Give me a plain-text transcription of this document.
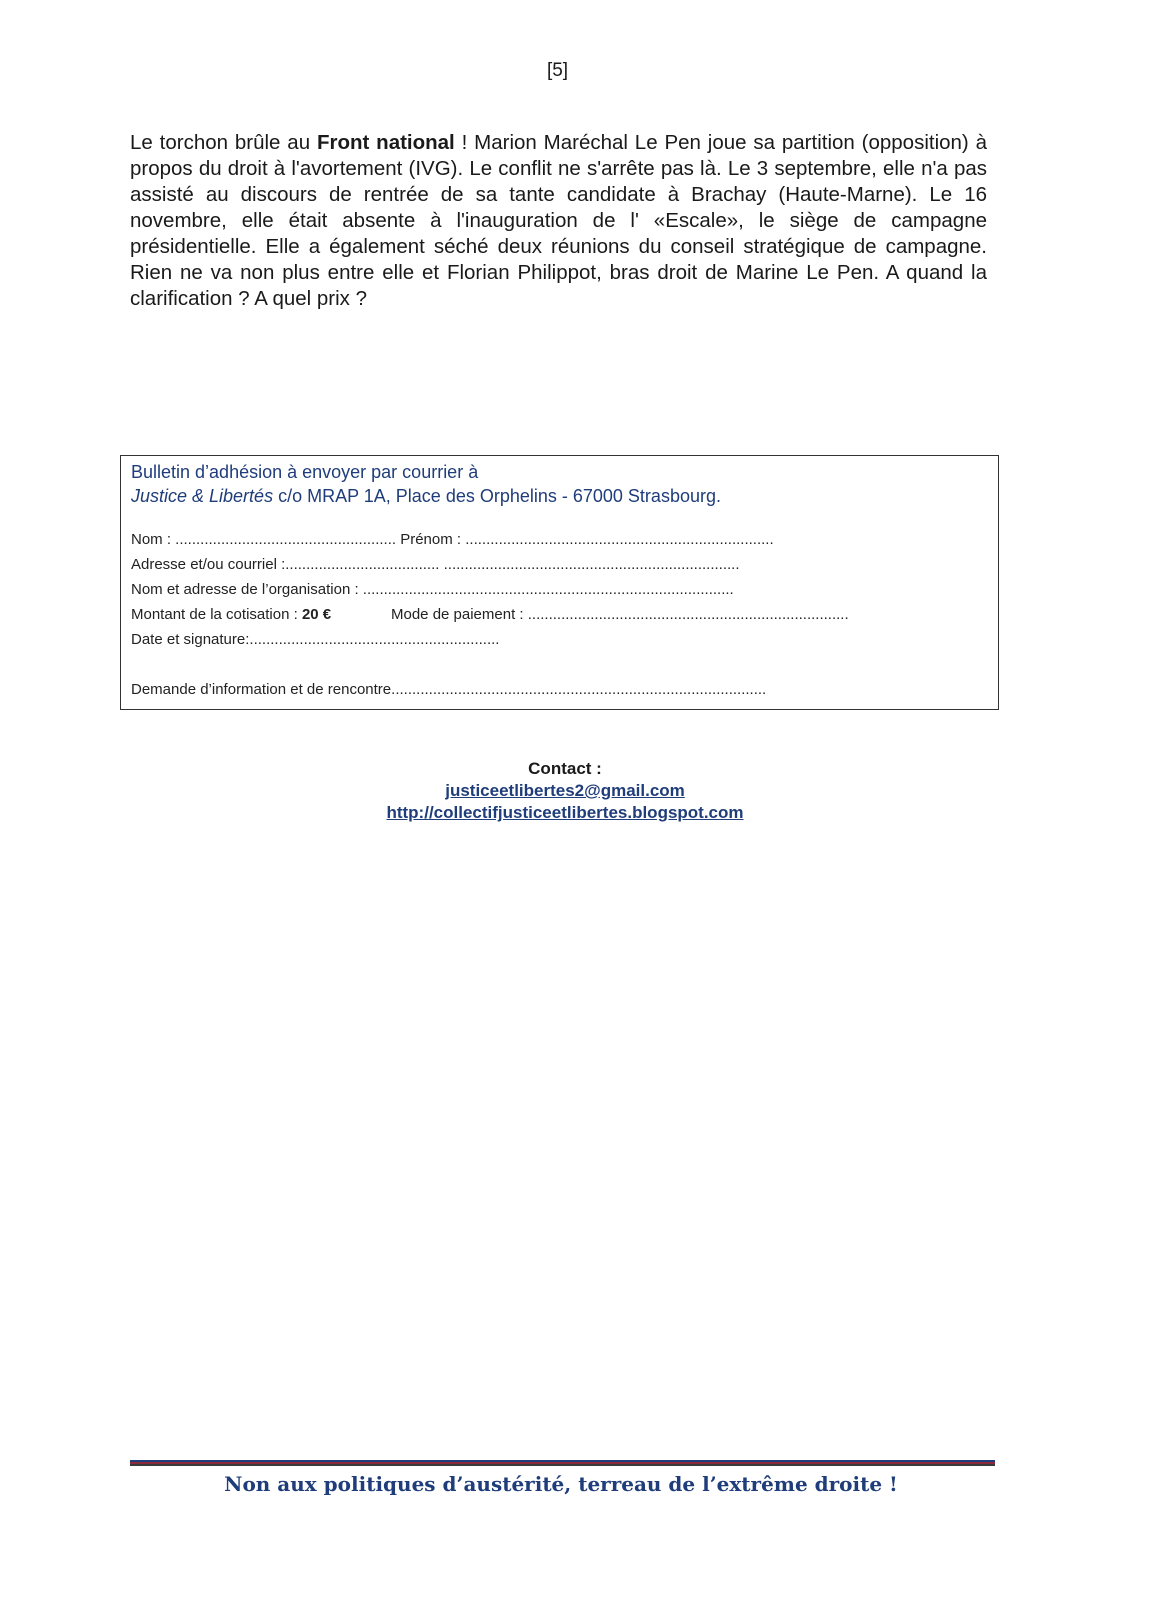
[5]

Le torchon brûle au Front national ! Marion Maréchal Le Pen joue sa partition (opposition) à propos du droit à l'avortement (IVG). Le conflit ne s'arrête pas là. Le 3 septembre, elle n'a pas assisté au discours de rentrée de sa tante candidate à Brachay (Haute-Marne). Le 16 novembre, elle était absente à l'inauguration de l' «Escale», le siège de campagne présidentielle. Elle a également séché deux réunions du conseil stratégique de campagne. Rien ne va non plus entre elle et Florian Philippot, bras droit de Marine Le Pen. A quand la clarification ? A quel prix ?

Bulletin d’adhésion à envoyer par courrier à
Justice & Libertés c/o MRAP 1A, Place des Orphelins - 67000 Strasbourg.
Nom : ..................................................... Prénom : ..........................................................................
Adresse et/ou courriel :..................................... .......................................................................
Nom et adresse de l’organisation : .........................................................................................
Montant de la cotisation : 20 €	Mode de paiement : .............................................................................
Date et signature:............................................................
Demande d’information et de rencontre..........................................................................................
Contact :
justiceetlibertes2@gmail.com
http://collectifjusticeetlibertes.blogspot.com
Non aux politiques d’austérité, terreau de l’extrême droite !
